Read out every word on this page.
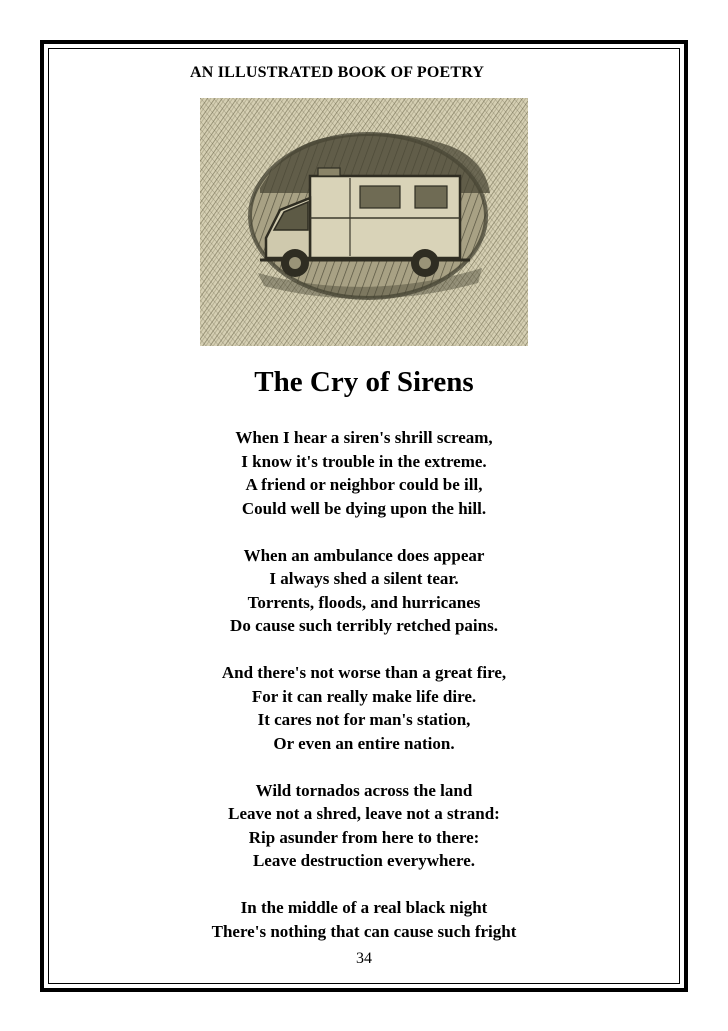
AN ILLUSTRATED BOOK OF POETRY
The Cry of Sirens
When I hear a siren's shrill scream,
I know it's trouble in the extreme.
A friend or neighbor could be ill,
Could well be dying upon the hill.
When an ambulance does appear
I always shed a silent tear.
Torrents, floods, and hurricanes
Do cause such terribly retched pains.
And there's not worse than a great fire,
For it can really make life dire.
It cares not for man's station,
Or even an entire nation.
Wild tornados across the land
Leave not a shred, leave not a strand:
Rip asunder from here to there:
Leave destruction everywhere.
In the middle of a real black night
There's nothing that can cause such fright
34
